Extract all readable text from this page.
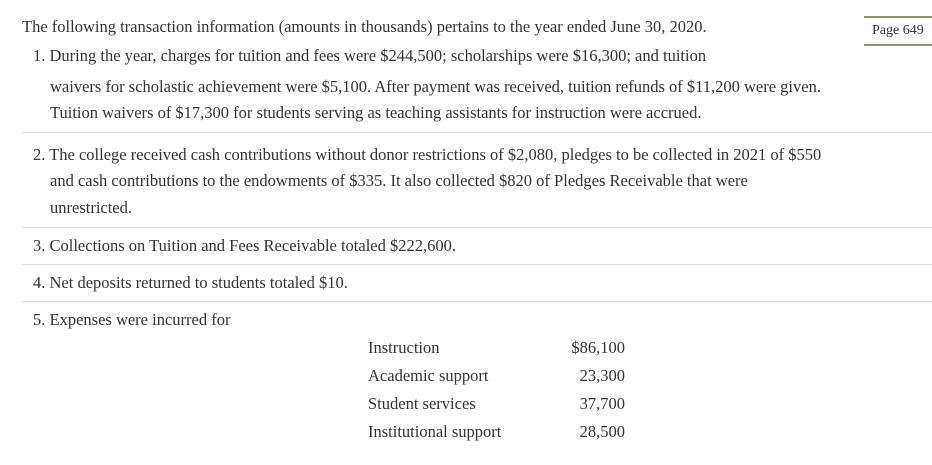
The following transaction information (amounts in thousands) pertains to the year ended June 30, 2020.	Page 649
1. During the year, charges for tuition and fees were $244,500; scholarships were $16,300; and tuition
waivers for scholastic achievement were $5,100. After payment was received, tuition refunds of $11,200 were given.
Tuition waivers of $17,300 for students serving as teaching assistants for instruction were accrued.
2. The college received cash contributions without donor restrictions of $2,080, pledges to be collected in 2021 of $550
and cash contributions to the endowments of $335. It also collected $820 of Pledges Receivable that were
unrestricted.
3. Collections on Tuition and Fees Receivable totaled $222,600.
4. Net deposits returned to students totaled $10.
5. Expenses were incurred for
Instruction	$86,100
Academic support	23,300
Student services	37,700
Institutional support	28,500
